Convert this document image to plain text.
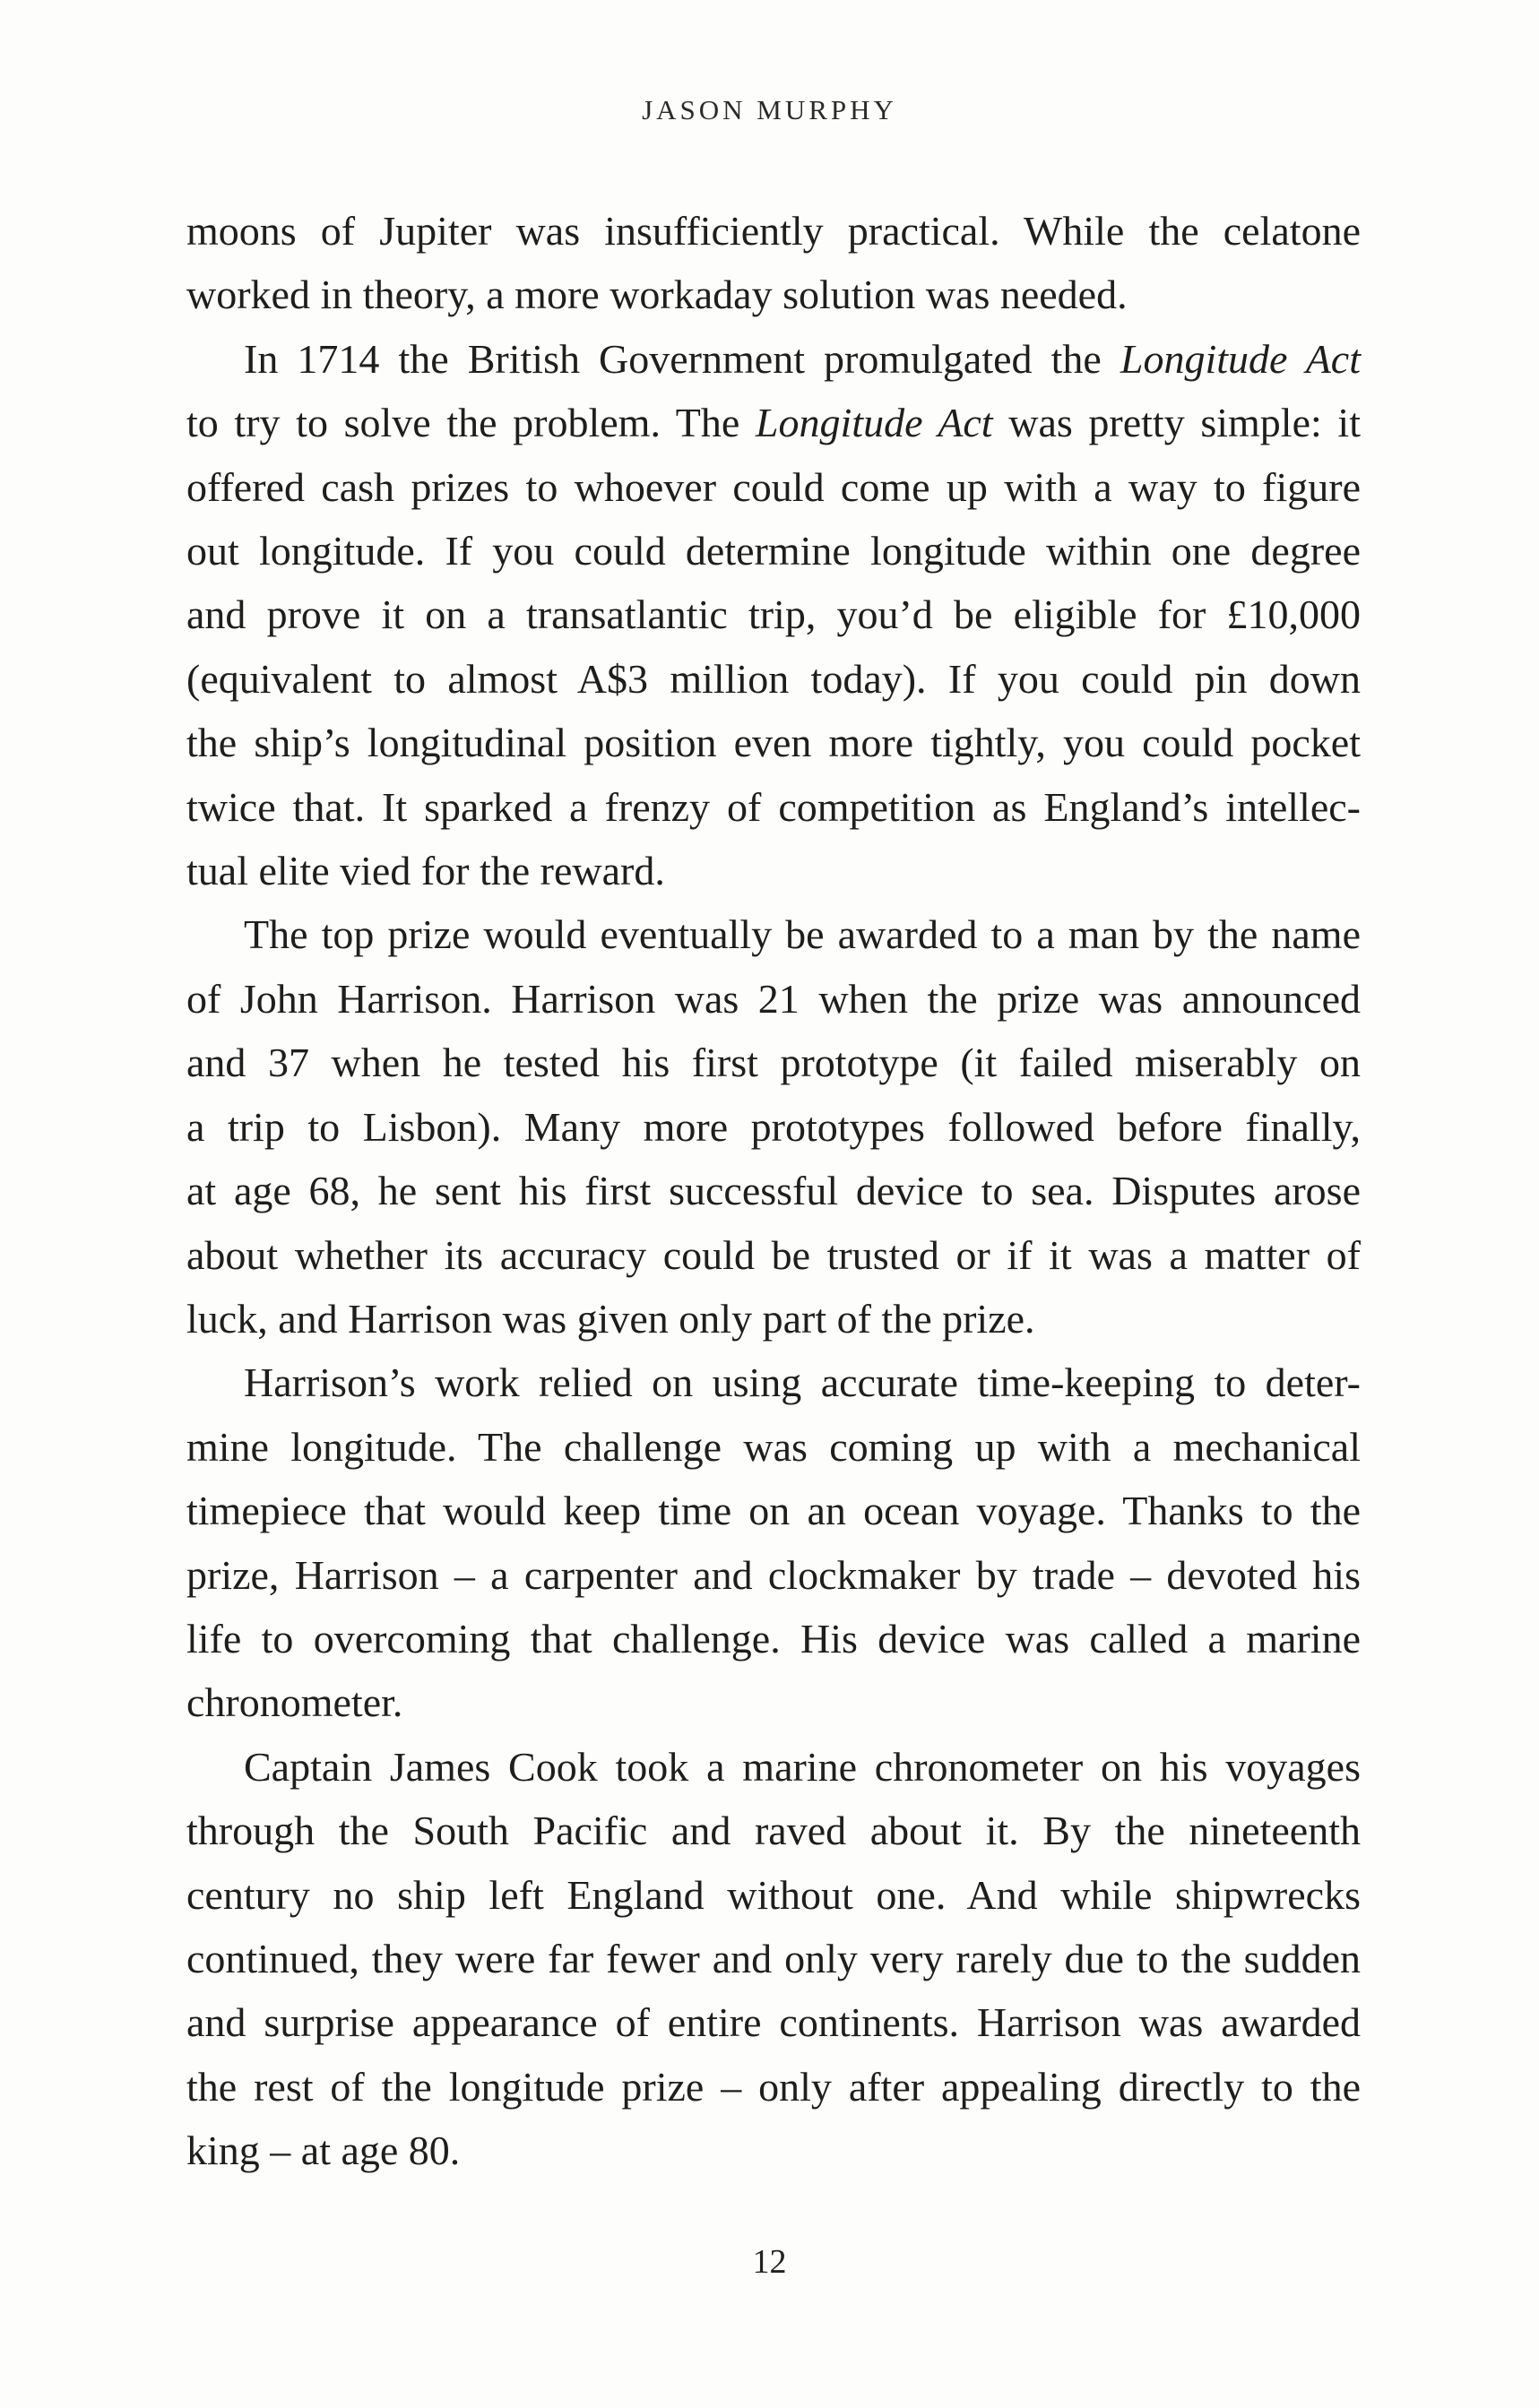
JASON MURPHY
moons of Jupiter was insufficiently practical. While the celatone
worked in theory, a more workaday solution was needed.
In 1714 the British Government promulgated the Longitude Act
to try to solve the problem. The Longitude Act was pretty simple: it
offered cash prizes to whoever could come up with a way to figure
out longitude. If you could determine longitude within one degree
and prove it on a transatlantic trip, you’d be eligible for £10,000
(equivalent to almost A$3 million today). If you could pin down
the ship’s longitudinal position even more tightly, you could pocket
twice that. It sparked a frenzy of competition as England’s intellec-
tual elite vied for the reward.
The top prize would eventually be awarded to a man by the name
of John Harrison. Harrison was 21 when the prize was announced
and 37 when he tested his first prototype (it failed miserably on
a trip to Lisbon). Many more prototypes followed before finally,
at age 68, he sent his first successful device to sea. Disputes arose
about whether its accuracy could be trusted or if it was a matter of
luck, and Harrison was given only part of the prize.
Harrison’s work relied on using accurate time-keeping to deter-
mine longitude. The challenge was coming up with a mechanical
timepiece that would keep time on an ocean voyage. Thanks to the
prize, Harrison – a carpenter and clockmaker by trade – devoted his
life to overcoming that challenge. His device was called a marine
chronometer.
Captain James Cook took a marine chronometer on his voyages
through the South Pacific and raved about it. By the nineteenth
century no ship left England without one. And while shipwrecks
continued, they were far fewer and only very rarely due to the sudden
and surprise appearance of entire continents. Harrison was awarded
the rest of the longitude prize – only after appealing directly to the
king – at age 80.
12
